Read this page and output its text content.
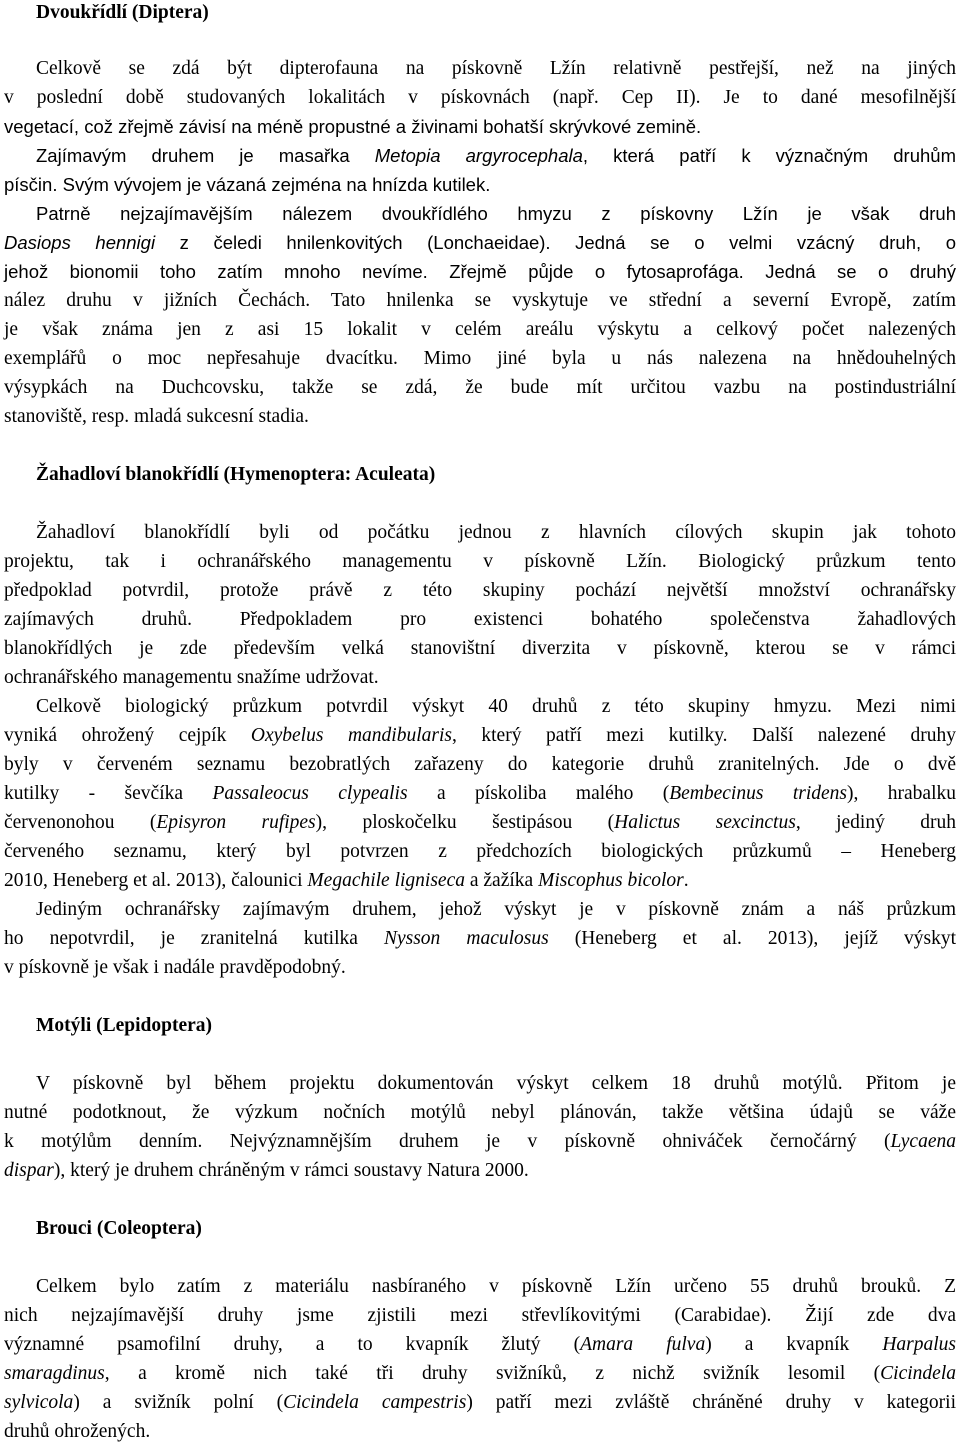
Dvoukřídlí (Diptera)
Celkově se zdá být dipterofauna na pískovně Lžín relativně pestřejší, než na jiných
v poslední době studovaných lokalitách v pískovnách (např. Cep II). Je to dané mesofilnější
vegetací, což zřejmě závisí na méně propustné a živinami bohatší skrývkové zemině.
Zajímavým druhem je masařka Metopia argyrocephala, která patří k význačným druhům
písčin. Svým vývojem je vázaná zejména na hnízda kutilek.
Patrně nejzajímavějším nálezem dvoukřídlého hmyzu z pískovny Lžín je však druh
Dasiops hennigi z čeledi hnilenkovitých (Lonchaeidae). Jedná se o velmi vzácný druh, o
jehož bionomii toho zatím mnoho nevíme. Zřejmě půjde o fytosaprofága. Jedná se o druhý
nález druhu v jižních Čechách. Tato hnilenka se vyskytuje ve střední a severní Evropě, zatím
je však známa jen z asi 15 lokalit v celém areálu výskytu a celkový počet nalezených
exemplářů o moc nepřesahuje dvacítku. Mimo jiné byla u nás nalezena na hnědouhelných
výsypkách na Duchcovsku, takže se zdá, že bude mít určitou vazbu na postindustriální
stanoviště, resp. mladá sukcesní stadia.
Žahadloví blanokřídlí (Hymenoptera: Aculeata)
Žahadloví blanokřídlí byli od počátku jednou z hlavních cílových skupin jak tohoto
projektu, tak i ochranářského managementu v pískovně Lžín. Biologický průzkum tento
předpoklad potvrdil, protože právě z této skupiny pochází největší množství ochranářsky
zajímavých druhů. Předpokladem pro existenci bohatého společenstva žahadlových
blanokřídlých je zde především velká stanovištní diverzita v pískovně, kterou se v rámci
ochranářského managementu snažíme udržovat.
Celkově biologický průzkum potvrdil výskyt 40 druhů z této skupiny hmyzu. Mezi nimi
vyniká ohrožený cejpík Oxybelus mandibularis, který patří mezi kutilky. Další nalezené druhy
byly v červeném seznamu bezobratlých zařazeny do kategorie druhů zranitelných. Jde o dvě
kutilky - ševčíka Passaleocus clypealis a pískoliba malého (Bembecinus tridens), hrabalku
červenonohou (Episyron rufipes), ploskočelku šestipásou (Halictus sexcinctus, jediný druh
červeného seznamu, který byl potvrzen z předchozích biologických průzkumů – Heneberg
2010, Heneberg et al. 2013), čalounici Megachile ligniseca a žažíka Miscophus bicolor.
Jediným ochranářsky zajímavým druhem, jehož výskyt je v pískovně znám a náš průzkum
ho nepotvrdil, je zranitelná kutilka Nysson maculosus (Heneberg et al. 2013), jejíž výskyt
v pískovně je však i nadále pravděpodobný.
Motýli (Lepidoptera)
V pískovně byl během projektu dokumentován výskyt celkem 18 druhů motýlů. Přitom je
nutné podotknout, že výzkum nočních motýlů nebyl plánován, takže většina údajů se váže
k motýlům denním. Nejvýznamnějším druhem je v pískovně ohniváček černočárný (Lycaena
dispar), který je druhem chráněným v rámci soustavy Natura 2000.
Brouci (Coleoptera)
Celkem bylo zatím z materiálu nasbíraného v pískovně Lžín určeno 55 druhů brouků. Z
nich nejzajímavější druhy jsme zjistili mezi střevlíkovitými (Carabidae). Žijí zde dva
významné psamofilní druhy, a to kvapník žlutý (Amara fulva) a kvapník Harpalus
smaragdinus, a kromě nich také tři druhy svižníků, z nichž svižník lesomil (Cicindela
sylvicola) a svižník polní (Cicindela campestris) patří mezi zvláště chráněné druhy v kategorii
druhů ohrožených.
